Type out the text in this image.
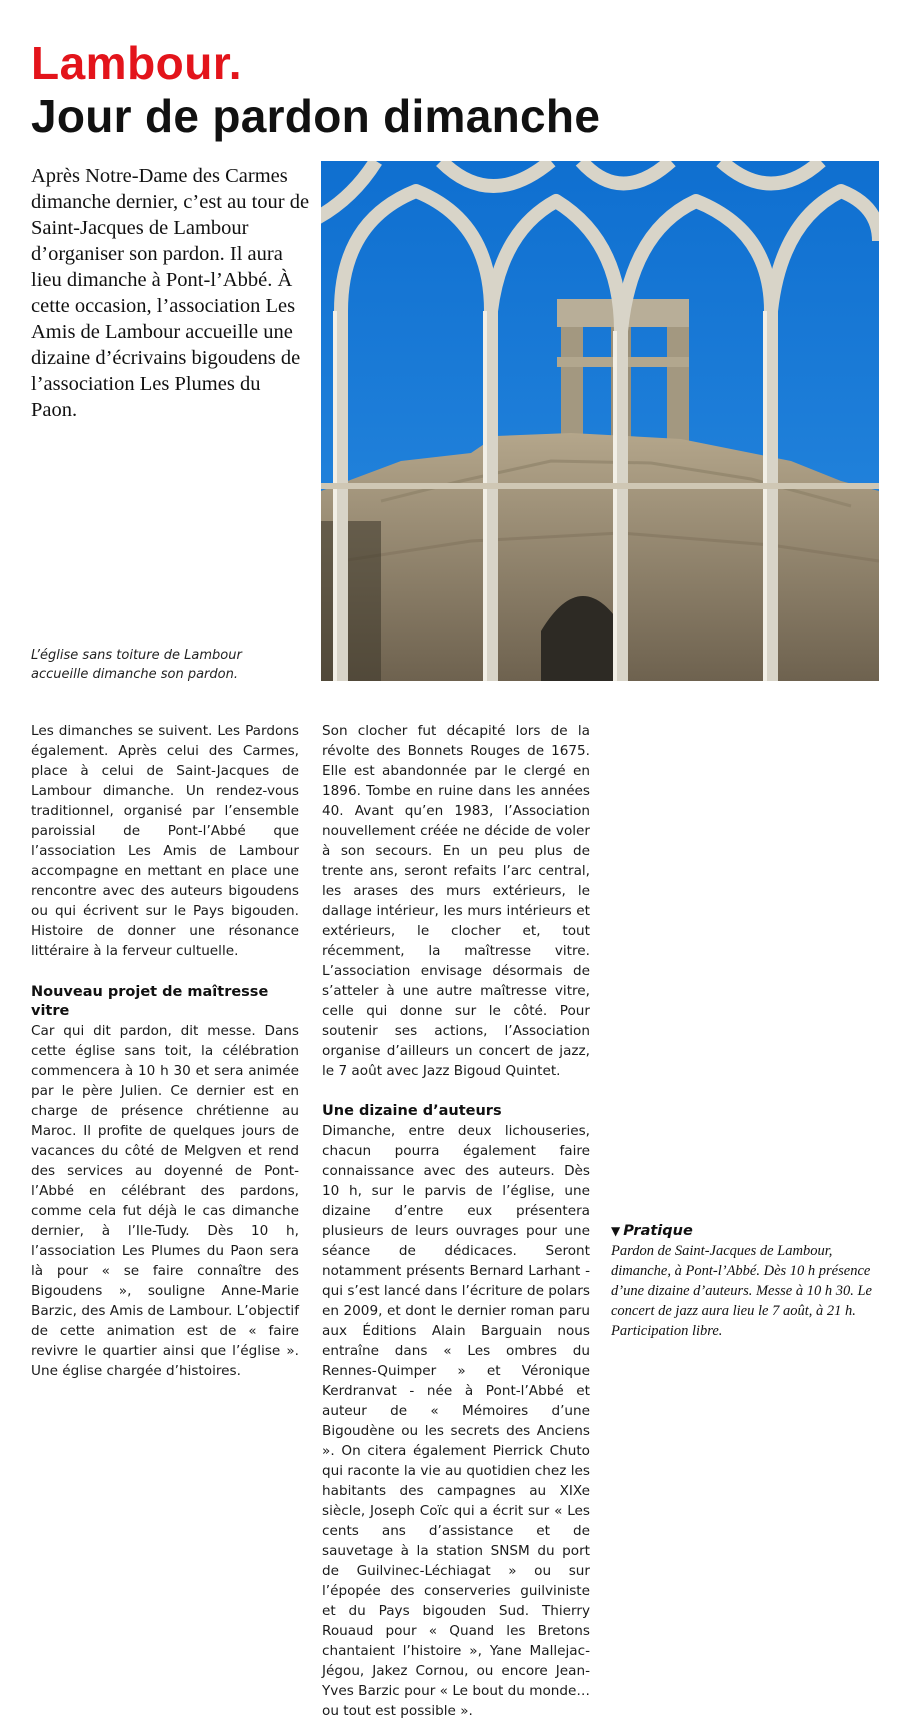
Lambour.
Jour de pardon dimanche

Après Notre-Dame des Carmes dimanche dernier, c’est au tour de Saint-Jacques de Lambour d’organiser son pardon. Il aura lieu dimanche à Pont-l’Abbé. À cette occasion, l’association Les Amis de Lambour accueille une dizaine d’écrivains bigoudens de l’association Les Plumes du Paon.

L’église sans toiture de Lambour accueille dimanche son pardon.

Les dimanches se suivent. Les Pardons également. Après celui des Carmes, place à celui de Saint-Jacques de Lambour dimanche. Un rendez-vous traditionnel, organisé par l’ensemble paroissial de Pont-l’Abbé que l’association Les Amis de Lambour accompagne en mettant en place une rencontre avec des auteurs bigoudens ou qui écrivent sur le Pays bigouden. Histoire de donner une résonance littéraire à la ferveur cultuelle.

Nouveau projet de maîtresse vitre

Car qui dit pardon, dit messe. Dans cette église sans toit, la célébration commencera à 10 h 30 et sera animée par le père Julien. Ce dernier est en charge de présence chrétienne au Maroc. Il profite de quelques jours de vacances du côté de Melgven et rend des services au doyenné de Pont-l’Abbé en célébrant des pardons, comme cela fut déjà le cas dimanche dernier, à l’Ile-Tudy. Dès 10 h, l’association Les Plumes du Paon sera là pour « se faire connaître des Bigoudens », souligne Anne-Marie Barzic, des Amis de Lambour. L’objectif de cette animation est de « faire revivre le quartier ainsi que l’église ». Une église chargée d’histoires.

Son clocher fut décapité lors de la révolte des Bonnets Rouges de 1675. Elle est abandonnée par le clergé en 1896. Tombe en ruine dans les années 40. Avant qu’en 1983, l’Association nouvellement créée ne décide de voler à son secours. En un peu plus de trente ans, seront refaits l’arc central, les arases des murs extérieurs, le dallage intérieur, les murs intérieurs et extérieurs, le clocher et, tout récemment, la maîtresse vitre. L’association envisage désormais de s’atteler à une autre maîtresse vitre, celle qui donne sur le côté. Pour soutenir ses actions, l’Association organise d’ailleurs un concert de jazz, le 7 août avec Jazz Bigoud Quintet.

Une dizaine d’auteurs

Dimanche, entre deux lichouseries, chacun pourra également faire connaissance avec des auteurs. Dès 10 h, sur le parvis de l’église, une dizaine d’entre eux présentera plusieurs de leurs ouvrages pour une séance de dédicaces. Seront notamment présents Bernard Larhant - qui s’est lancé dans l’écriture de polars en 2009, et dont le dernier roman paru aux Éditions Alain Barguain nous entraîne dans « Les ombres du Rennes-Quimper » et Véronique Kerdranvat - née à Pont-l’Abbé et auteur de « Mémoires d’une Bigoudène ou les secrets des Anciens ». On citera également Pierrick Chuto qui raconte la vie au quotidien chez les habitants des campagnes au XIXe siècle, Joseph Coïc qui a écrit sur « Les cents ans d’assistance et de sauvetage à la station SNSM du port de Guilvinec-Léchiagat » ou sur l’épopée des conserveries guilviniste et du Pays bigouden Sud. Thierry Rouaud pour « Quand les Bretons chantaient l’histoire », Yane Mallejac-Jégou, Jakez Cornou, ou encore Jean-Yves Barzic pour « Le bout du monde… ou tout est possible ».

▼ Pratique

Pardon de Saint-Jacques de Lambour, dimanche, à Pont-l’Abbé. Dès 10 h présence d’une dizaine d’auteurs. Messe à 10 h 30. Le concert de jazz aura lieu le 7 août, à 21 h. Participation libre.
